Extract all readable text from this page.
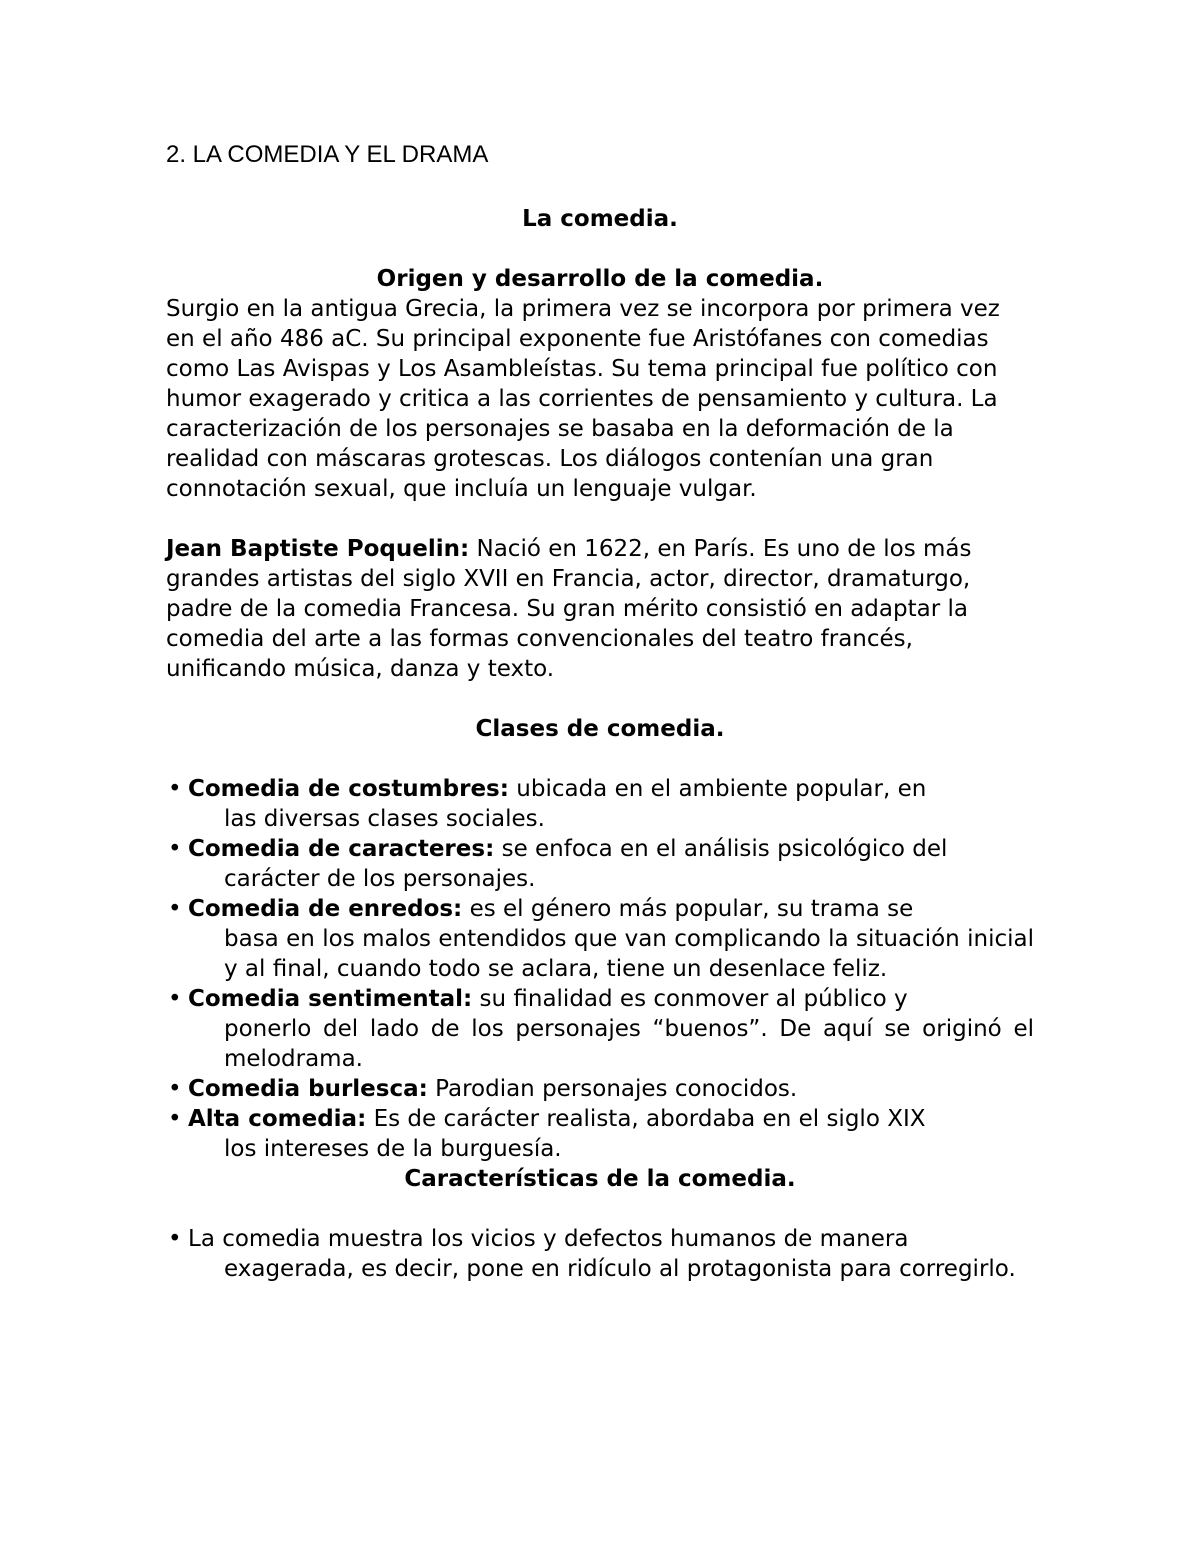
2. LA COMEDIA Y EL DRAMA

La comedia.

Origen y desarrollo de la comedia.

Surgio en la antigua Grecia, la primera vez se incorpora por primera vez en el año 486 aC. Su principal exponente fue Aristófanes con comedias como Las Avispas y Los Asambleístas. Su tema principal fue político con humor exagerado y critica a las corrientes de pensamiento y cultura. La caracterización de los personajes se basaba en la deformación de la realidad con máscaras grotescas. Los diálogos contenían una gran connotación sexual, que incluía un lenguaje vulgar.

Jean Baptiste Poquelin: Nació en 1622, en París. Es uno de los más grandes artistas del siglo XVII en Francia, actor, director, dramaturgo, padre de la comedia Francesa. Su gran mérito consistió en adaptar la comedia del arte a las formas convencionales del teatro francés, unificando música, danza y texto.

Clases de comedia.

• Comedia de costumbres: ubicada en el ambiente popular, en
las diversas clases sociales.
• Comedia de caracteres: se enfoca en el análisis psicológico del
carácter de los personajes.
• Comedia de enredos: es el género más popular, su trama se
basa en los malos entendidos que van complicando la situación inicial y al final, cuando todo se aclara, tiene un desenlace feliz.
• Comedia sentimental: su finalidad es conmover al público y
ponerlo del lado de los personajes “buenos”. De aquí se originó el melodrama.
• Comedia burlesca: Parodian personajes conocidos.
• Alta comedia: Es de carácter realista, abordaba en el siglo XIX
los intereses de la burguesía.

Características de la comedia.

• La comedia muestra los vicios y defectos humanos de manera
exagerada, es decir, pone en ridículo al protagonista para corregirlo.
